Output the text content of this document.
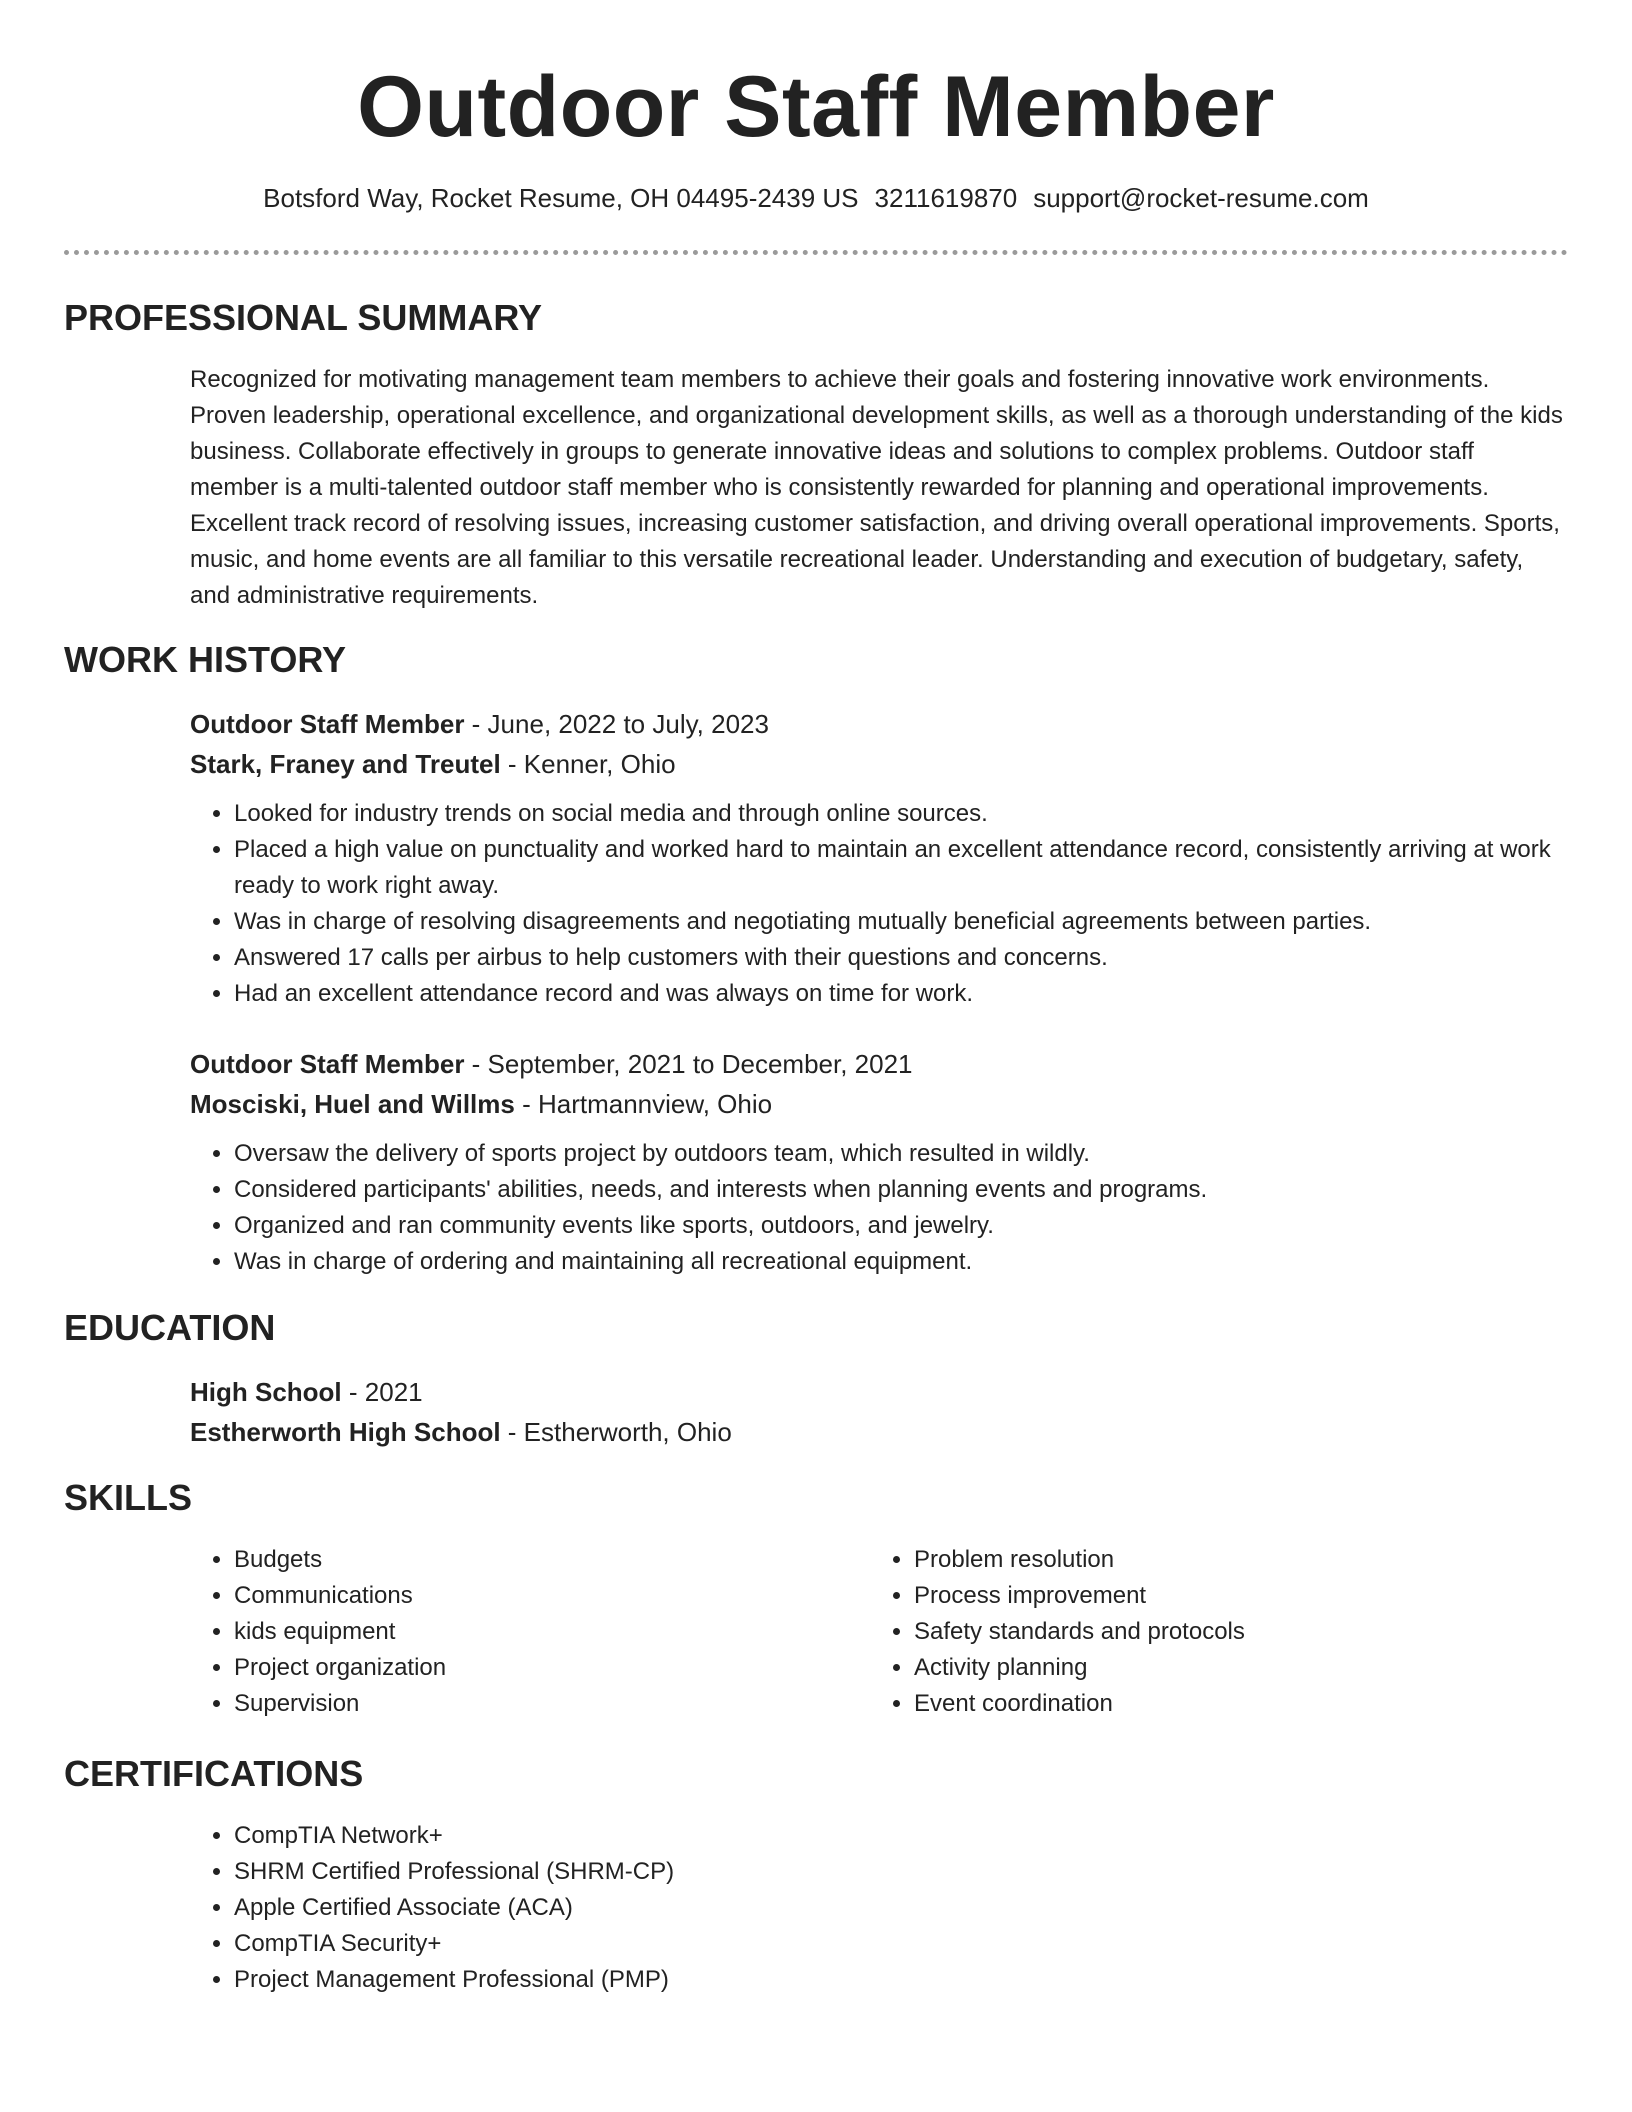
Outdoor Staff Member
Botsford Way, Rocket Resume, OH 04495-2439 US 3211619870 support@rocket-resume.com
PROFESSIONAL SUMMARY
Recognized for motivating management team members to achieve their goals and fostering innovative work environments. Proven leadership, operational excellence, and organizational development skills, as well as a thorough understanding of the kids business. Collaborate effectively in groups to generate innovative ideas and solutions to complex problems. Outdoor staff member is a multi-talented outdoor staff member who is consistently rewarded for planning and operational improvements. Excellent track record of resolving issues, increasing customer satisfaction, and driving overall operational improvements. Sports, music, and home events are all familiar to this versatile recreational leader. Understanding and execution of budgetary, safety, and administrative requirements.
WORK HISTORY
Outdoor Staff Member - June, 2022 to July, 2023
Stark, Franey and Treutel - Kenner, Ohio
• Looked for industry trends on social media and through online sources.
• Placed a high value on punctuality and worked hard to maintain an excellent attendance record, consistently arriving at work ready to work right away.
• Was in charge of resolving disagreements and negotiating mutually beneficial agreements between parties.
• Answered 17 calls per airbus to help customers with their questions and concerns.
• Had an excellent attendance record and was always on time for work.
Outdoor Staff Member - September, 2021 to December, 2021
Mosciski, Huel and Willms - Hartmannview, Ohio
• Oversaw the delivery of sports project by outdoors team, which resulted in wildly.
• Considered participants' abilities, needs, and interests when planning events and programs.
• Organized and ran community events like sports, outdoors, and jewelry.
• Was in charge of ordering and maintaining all recreational equipment.
EDUCATION
High School - 2021
Estherworth High School - Estherworth, Ohio
SKILLS
• Budgets
• Communications
• kids equipment
• Project organization
• Supervision
• Problem resolution
• Process improvement
• Safety standards and protocols
• Activity planning
• Event coordination
CERTIFICATIONS
• CompTIA Network+
• SHRM Certified Professional (SHRM-CP)
• Apple Certified Associate (ACA)
• CompTIA Security+
• Project Management Professional (PMP)
